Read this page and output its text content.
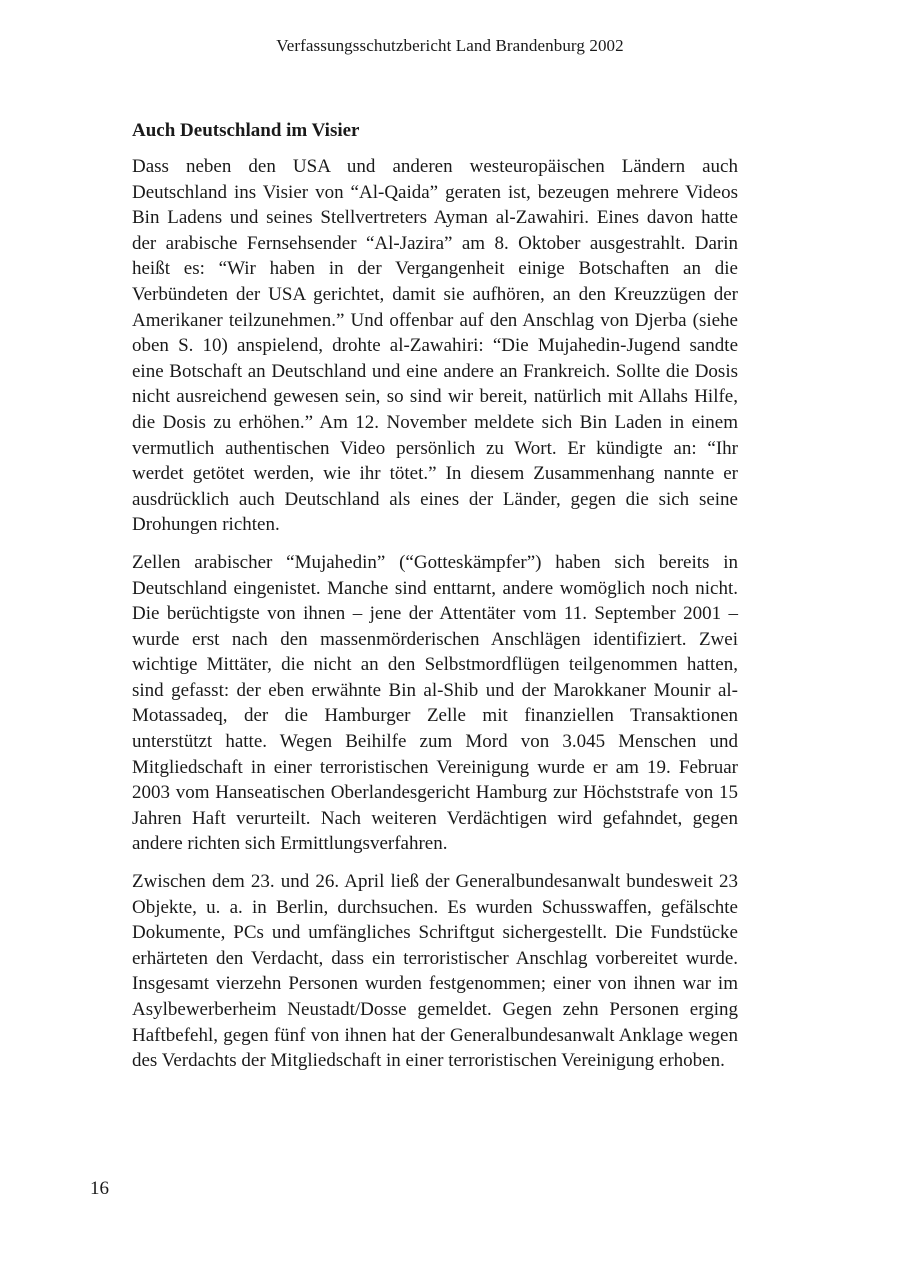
Verfassungsschutzbericht Land Brandenburg 2002
Auch Deutschland im Visier

Dass neben den USA und anderen westeuropäischen Ländern auch Deutschland ins Visier von “Al-Qaida” geraten ist, bezeugen mehrere Videos Bin Ladens und seines Stellvertreters Ayman al-Zawahiri. Eines davon hatte der arabische Fernsehsender “Al-Jazira” am 8. Oktober ausgestrahlt. Darin heißt es: “Wir haben in der Vergangenheit einige Botschaften an die Verbündeten der USA gerichtet, damit sie aufhören, an den Kreuzzügen der Amerikaner teilzunehmen.” Und offenbar auf den Anschlag von Djerba (siehe oben S. 10) anspielend, drohte al-Zawahiri: “Die Mujahedin-Jugend sandte eine Botschaft an Deutschland und eine andere an Frankreich. Sollte die Dosis nicht ausreichend gewesen sein, so sind wir bereit, natürlich mit Allahs Hilfe, die Dosis zu erhöhen.” Am 12. November meldete sich Bin Laden in einem vermutlich authentischen Video persönlich zu Wort. Er kündigte an: “Ihr werdet getötet werden, wie ihr tötet.” In diesem Zusammenhang nannte er ausdrücklich auch Deutschland als eines der Länder, gegen die sich seine Drohungen richten.

Zellen arabischer “Mujahedin” (“Gotteskämpfer”) haben sich bereits in Deutschland eingenistet. Manche sind enttarnt, andere womöglich noch nicht. Die berüchtigste von ihnen – jene der Attentäter vom 11. September 2001 – wurde erst nach den massenmörderischen Anschlägen identifiziert. Zwei wichtige Mittäter, die nicht an den Selbstmordflügen teilgenommen hatten, sind gefasst: der eben erwähnte Bin al-Shib und der Marokkaner Mounir al-Motassadeq, der die Hamburger Zelle mit finanziellen Transaktionen unterstützt hatte. Wegen Beihilfe zum Mord von 3.045 Menschen und Mitgliedschaft in einer terroristischen Vereinigung wurde er am 19. Februar 2003 vom Hanseatischen Oberlandesgericht Hamburg zur Höchststrafe von 15 Jahren Haft verurteilt. Nach weiteren Verdächtigen wird gefahndet, gegen andere richten sich Ermittlungsverfahren.

Zwischen dem 23. und 26. April ließ der Generalbundesanwalt bundesweit 23 Objekte, u. a. in Berlin, durchsuchen. Es wurden Schusswaffen, gefälschte Dokumente, PCs und umfängliches Schriftgut sichergestellt. Die Fundstücke erhärteten den Verdacht, dass ein terroristischer Anschlag vorbereitet wurde. Insgesamt vierzehn Personen wurden festgenommen; einer von ihnen war im Asylbewerberheim Neustadt/Dosse gemeldet. Gegen zehn Personen erging Haftbefehl, gegen fünf von ihnen hat der Generalbundesanwalt Anklage wegen des Verdachts der Mitgliedschaft in einer terroristischen Vereinigung erhoben.

16
